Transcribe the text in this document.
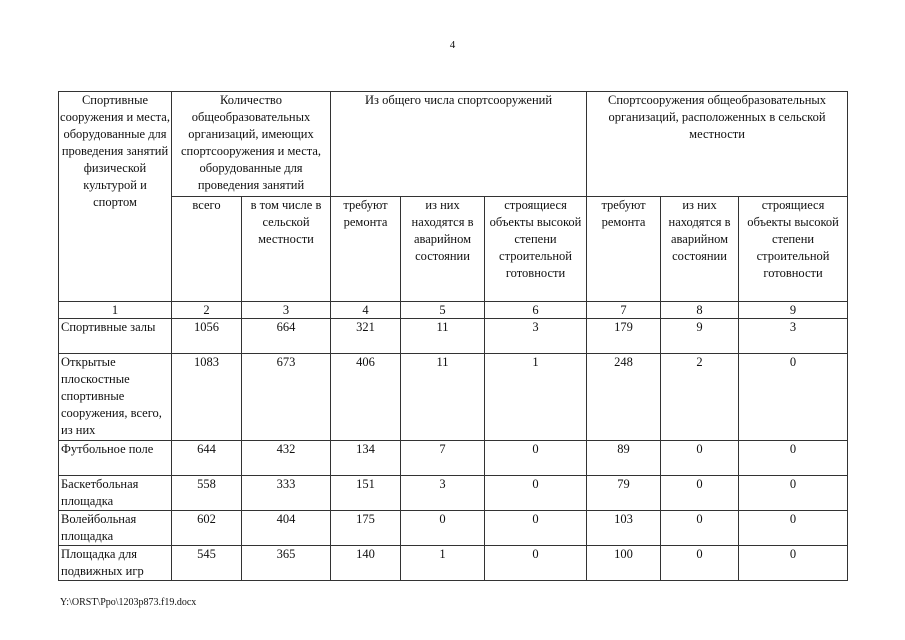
4
Спортивные сооружения и места, оборудованные для проведения занятий физической культурой и спортом	Количество общеобразовательных организаций, имеющих спортсооружения и места, оборудованные для проведения занятий		Из общего числа спортсооружений			Спортсооружения общеобразовательных организаций, расположенных в сельской местности		
	всего	в том числе в сельской местности	требуют ремонта	из них находятся в аварийном состоянии	строящиеся объекты высокой степени строительной готовности	требуют ремонта	из них находятся в аварийном состоянии	строящиеся объекты высокой степени строительной готовности
1	2	3	4	5	6	7	8	9
Спортивные залы	1056	664	321	11	3	179	9	3
Открытые плоскостные спортивные сооружения, всего, из них	1083	673	406	11	1	248	2	0
Футбольное поле	644	432	134	7	0	89	0	0
Баскетбольная площадка	558	333	151	3	0	79	0	0
Волейбольная площадка	602	404	175	0	0	103	0	0
Площадка для подвижных игр	545	365	140	1	0	100	0	0
Y:\ORST\Ppo\1203p873.f19.docx
